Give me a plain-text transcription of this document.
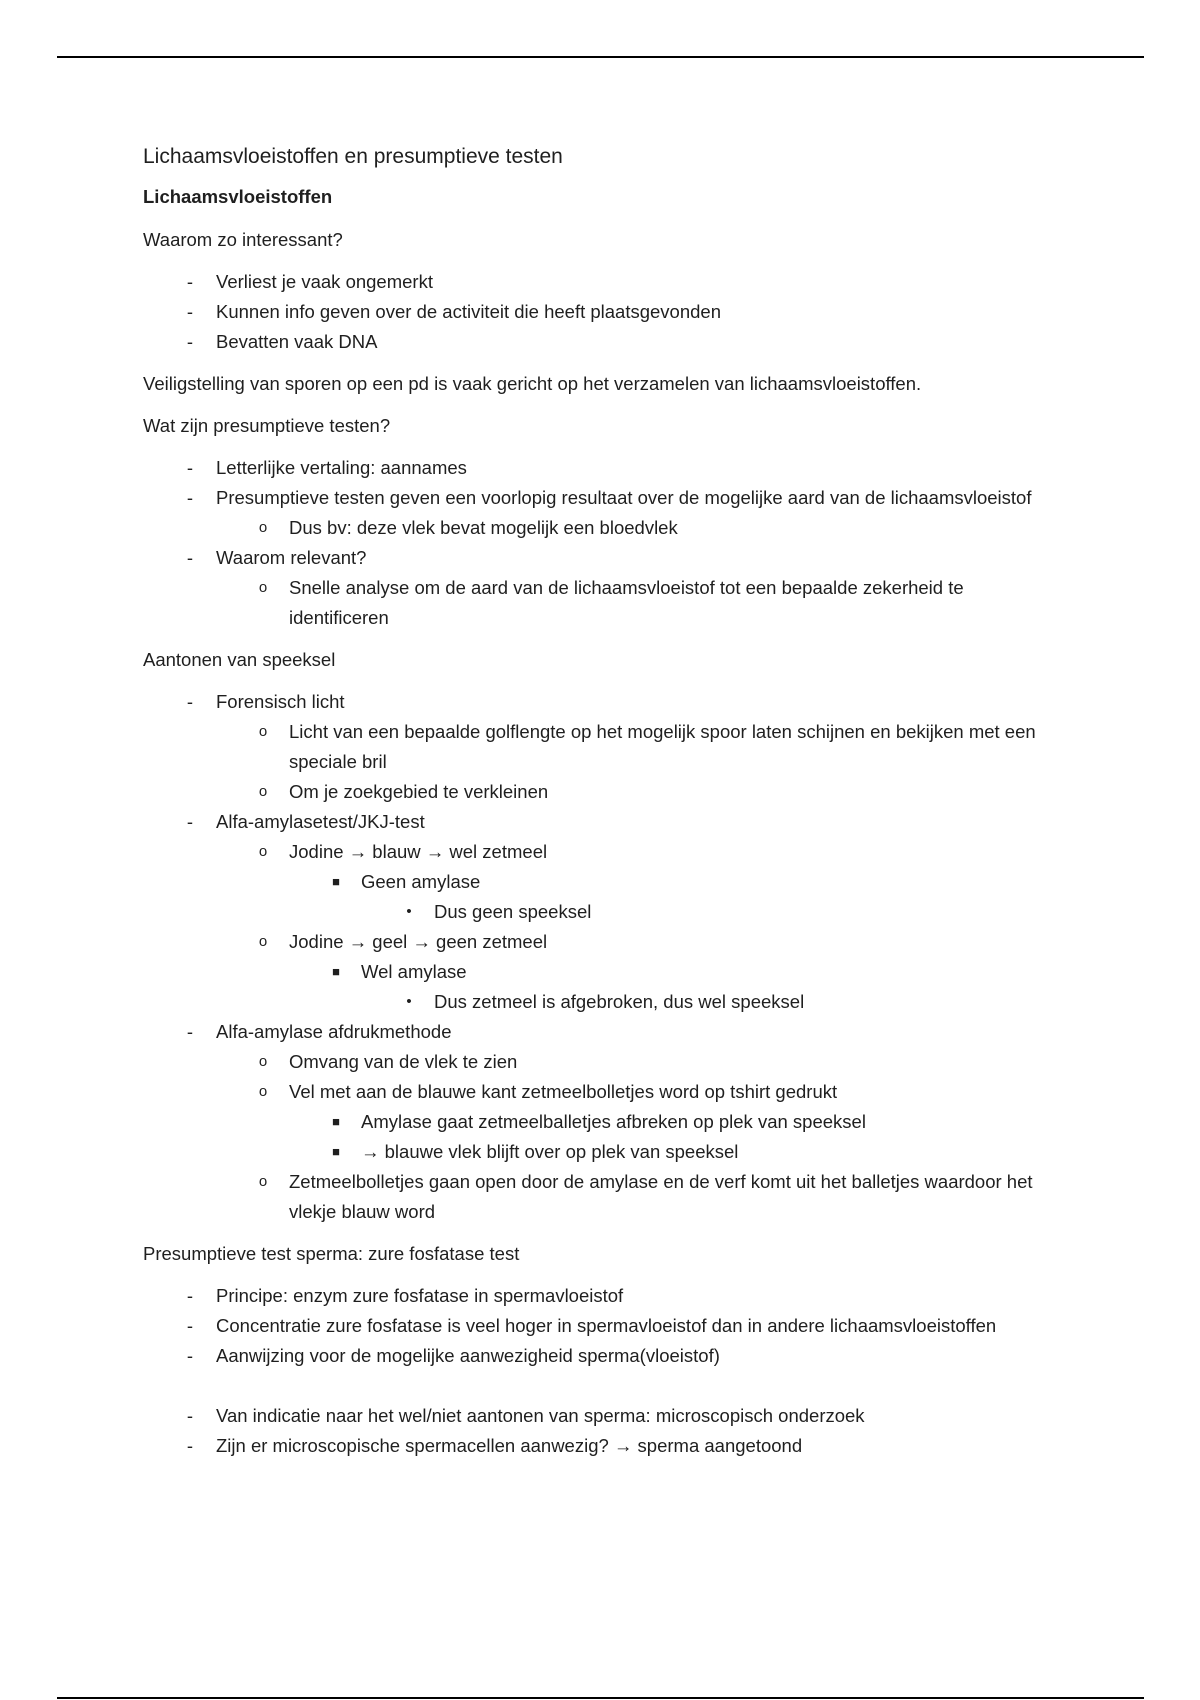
Lichaamsvloeistoffen en presumptieve testen
Lichaamsvloeistoffen
Waarom zo interessant?
-	Verliest je vaak ongemerkt
-	Kunnen info geven over de activiteit die heeft plaatsgevonden
-	Bevatten vaak DNA
Veiligstelling van sporen op een pd is vaak gericht op het verzamelen van lichaamsvloeistoffen.
Wat zijn presumptieve testen?
-	Letterlijke vertaling: aannames
-	Presumptieve testen geven een voorlopig resultaat over de mogelijke aard van de lichaamsvloeistof
o	Dus bv: deze vlek bevat mogelijk een bloedvlek
-	Waarom relevant?
o	Snelle analyse om de aard van de lichaamsvloeistof tot een bepaalde zekerheid te identificeren
Aantonen van speeksel
-	Forensisch licht
o	Licht van een bepaalde golflengte op het mogelijk spoor laten schijnen en bekijken met een speciale bril
o	Om je zoekgebied te verkleinen
-	Alfa-amylasetest/JKJ-test
o	Jodine → blauw → wel zetmeel
■	Geen amylase
•	Dus geen speeksel
o	Jodine → geel → geen zetmeel
■	Wel amylase
•	Dus zetmeel is afgebroken, dus wel speeksel
-	Alfa-amylase afdrukmethode
o	Omvang van de vlek te zien
o	Vel met aan de blauwe kant zetmeelbolletjes word op tshirt gedrukt
■	Amylase gaat zetmeelballetjes afbreken op plek van speeksel
■	→ blauwe vlek blijft over op plek van speeksel
o	Zetmeelbolletjes gaan open door de amylase en de verf komt uit het balletjes waardoor het vlekje blauw word
Presumptieve test sperma: zure fosfatase test
-	Principe: enzym zure fosfatase in spermavloeistof
-	Concentratie zure fosfatase is veel hoger in spermavloeistof dan in andere lichaamsvloeistoffen
-	Aanwijzing voor de mogelijke aanwezigheid sperma(vloeistof)
-	Van indicatie naar het wel/niet aantonen van sperma: microscopisch onderzoek
-	Zijn er microscopische spermacellen aanwezig? → sperma aangetoond
